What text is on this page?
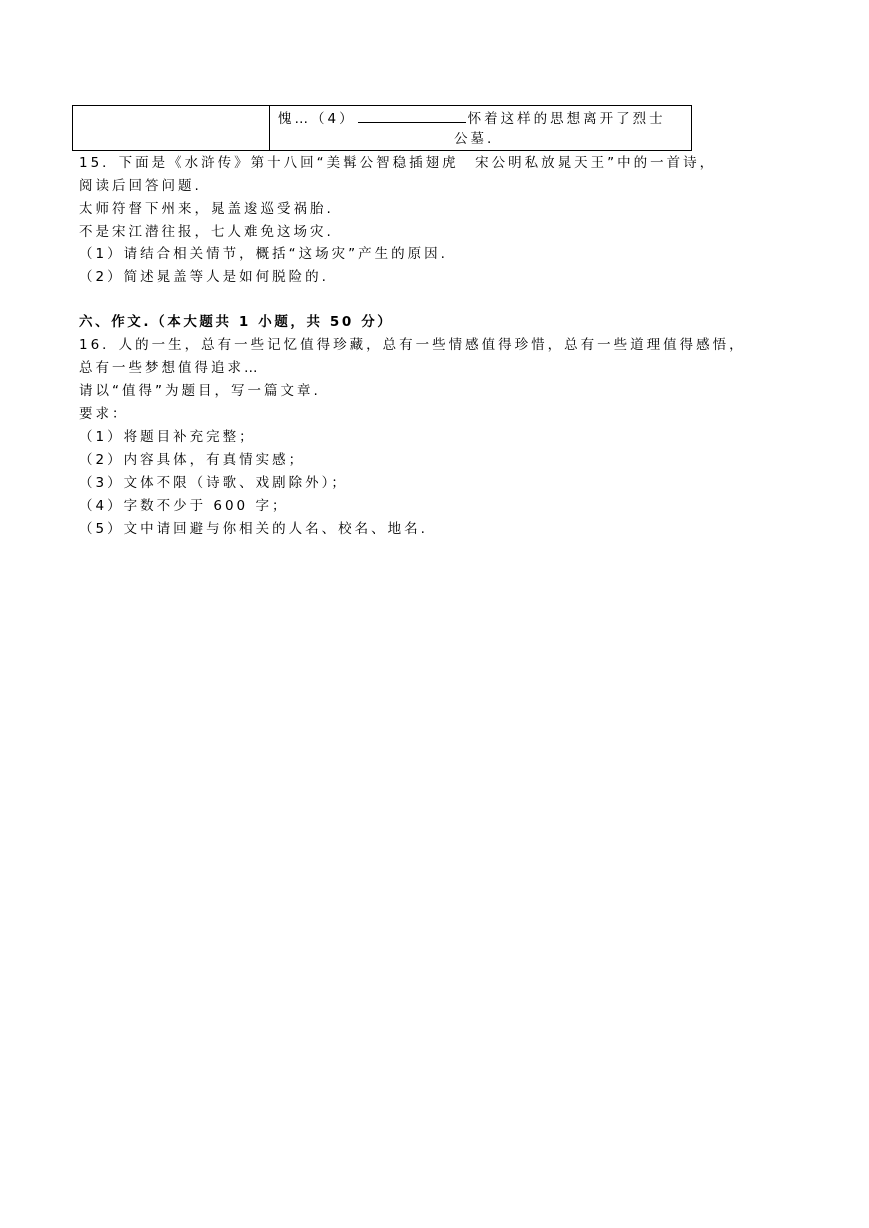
愧…（4）	怀着这样的思想离开了烈士
公墓.
15．下面是《水浒传》第十八回“美髯公智稳插翅虎　宋公明私放晁天王”中的一首诗，
阅读后回答问题.
太师符督下州来，晁盖逡巡受祸胎.
不是宋江潜往报，七人难免这场灾.
（1）请结合相关情节，概括“这场灾”产生的原因.
（2）简述晁盖等人是如何脱险的.
六、作文.（本大题共 1 小题，共 50 分）
16．人的一生，总有一些记忆值得珍藏，总有一些情感值得珍惜，总有一些道理值得感悟，
总有一些梦想值得追求…
请以“值得”为题目，写一篇文章.
要求：
（1）将题目补充完整；
（2）内容具体，有真情实感；
（3）文体不限（诗歌、戏剧除外）；
（4）字数不少于 600 字；
（5）文中请回避与你相关的人名、校名、地名.
